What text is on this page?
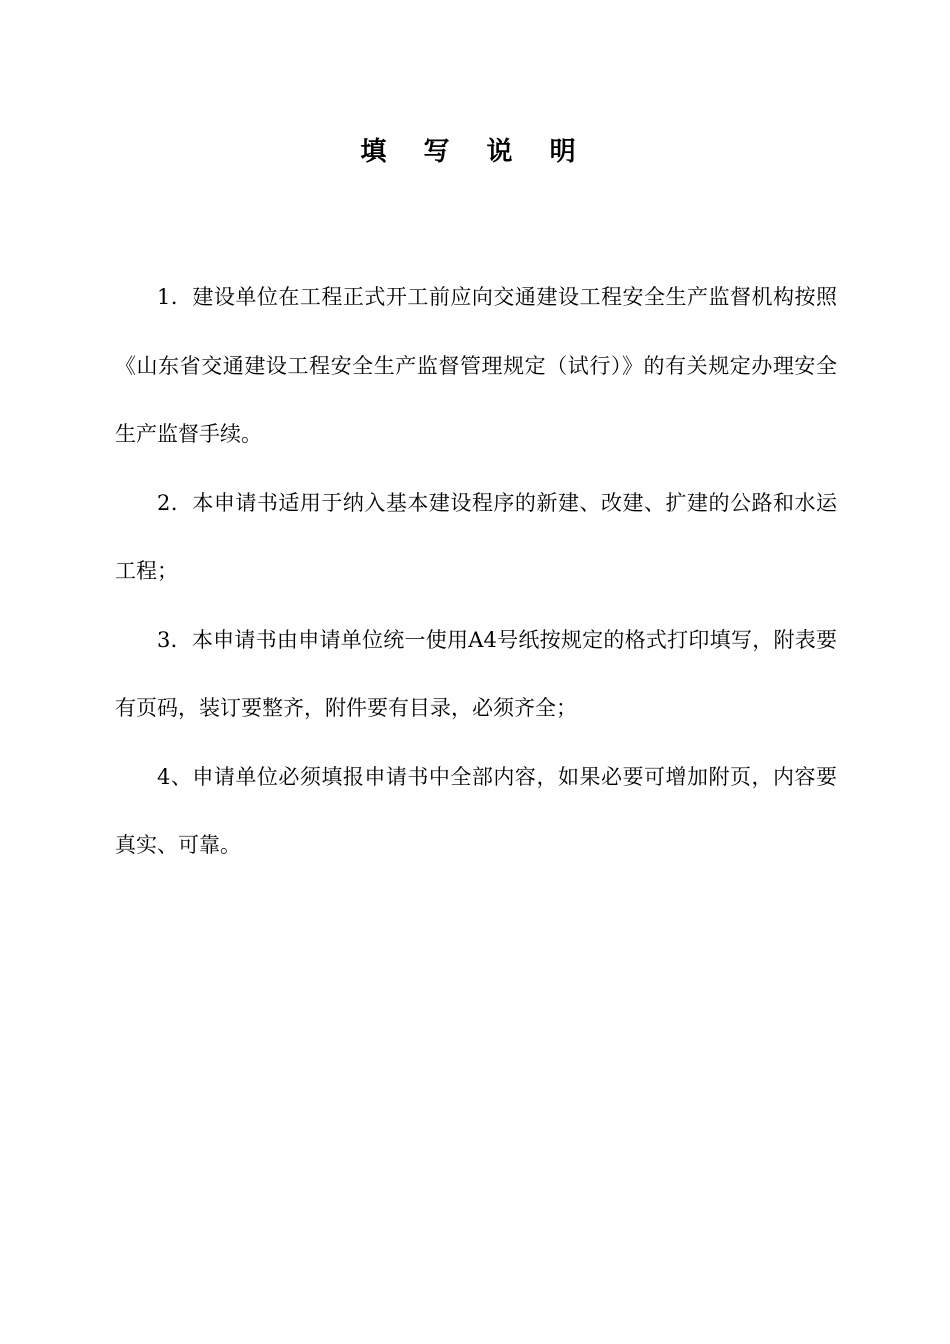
填 写 说 明

1．建设单位在工程正式开工前应向交通建设工程安全生产监督机构按照《山东省交通建设工程安全生产监督管理规定（试行）》的有关规定办理安全生产监督手续。

2．本申请书适用于纳入基本建设程序的新建、改建、扩建的公路和水运工程；

3．本申请书由申请单位统一使用A4号纸按规定的格式打印填写，附表要有页码，装订要整齐，附件要有目录，必须齐全；

4、申请单位必须填报申请书中全部内容，如果必要可增加附页，内容要真实、可靠。
